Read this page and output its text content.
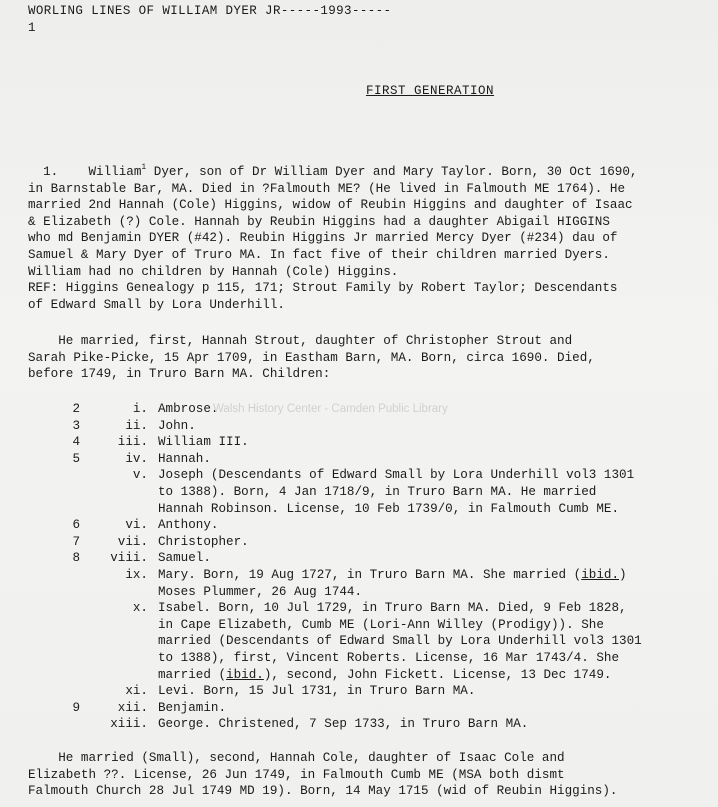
WORLING LINES OF WILLIAM DYER JR-----1993-----
1
FIRST GENERATION
1. William$^1$ Dyer, son of Dr William Dyer and Mary Taylor. Born, 30 Oct 1690,
in Barnstable Bar, MA. Died in ?Falmouth ME? (He lived in Falmouth ME 1764). He
married 2nd Hannah (Cole) Higgins, widow of Reubin Higgins and daughter of Isaac
& Elizabeth (?) Cole. Hannah by Reubin Higgins had a daughter Abigail HIGGINS
who md Benjamin DYER (#42). Reubin Higgins Jr married Mercy Dyer (#234) dau of
Samuel & Mary Dyer of Truro MA. In fact five of their children married Dyers.
William had no children by Hannah (Cole) Higgins.
REF: Higgins Genealogy p 115, 171; Strout Family by Robert Taylor; Descendants
of Edward Small by Lora Underhill.
He married, first, Hannah Strout, daughter of Christopher Strout and
Sarah Pike-Picke, 15 Apr 1709, in Eastham Barn, MA. Born, circa 1690. Died,
before 1749, in Truro Barn MA. Children:
2	i. Ambrose.
3	ii. John.
4	iii. William III.
5	iv. Hannah.
v. Joseph (Descendants of Edward Small by Lora Underhill vol3 1301
to 1388). Born, 4 Jan 1718/9, in Truro Barn MA. He married
Hannah Robinson. License, 10 Feb 1739/0, in Falmouth Cumb ME.
6	vi. Anthony.
7	vii. Christopher.
8	viii. Samuel.
ix. Mary. Born, 19 Aug 1727, in Truro Barn MA. She married (ibid.)
Moses Plummer, 26 Aug 1744.
x. Isabel. Born, 10 Jul 1729, in Truro Barn MA. Died, 9 Feb 1828,
in Cape Elizabeth, Cumb ME (Lori-Ann Willey (Prodigy)). She
married (Descendants of Edward Small by Lora Underhill vol3 1301
to 1388), first, Vincent Roberts. License, 16 Mar 1743/4. She
married (ibid.), second, John Fickett. License, 13 Dec 1749.
xi. Levi. Born, 15 Jul 1731, in Truro Barn MA.
9	xii. Benjamin.
xiii. George. Christened, 7 Sep 1733, in Truro Barn MA.
Walsh History Center - Camden Public Library
He married (Small), second, Hannah Cole, daughter of Isaac Cole and
Elizabeth ??. License, 26 Jun 1749, in Falmouth Cumb ME (MSA both dismt
Falmouth Church 28 Jul 1749 MD 19). Born, 14 May 1715 (wid of Reubin Higgins).
